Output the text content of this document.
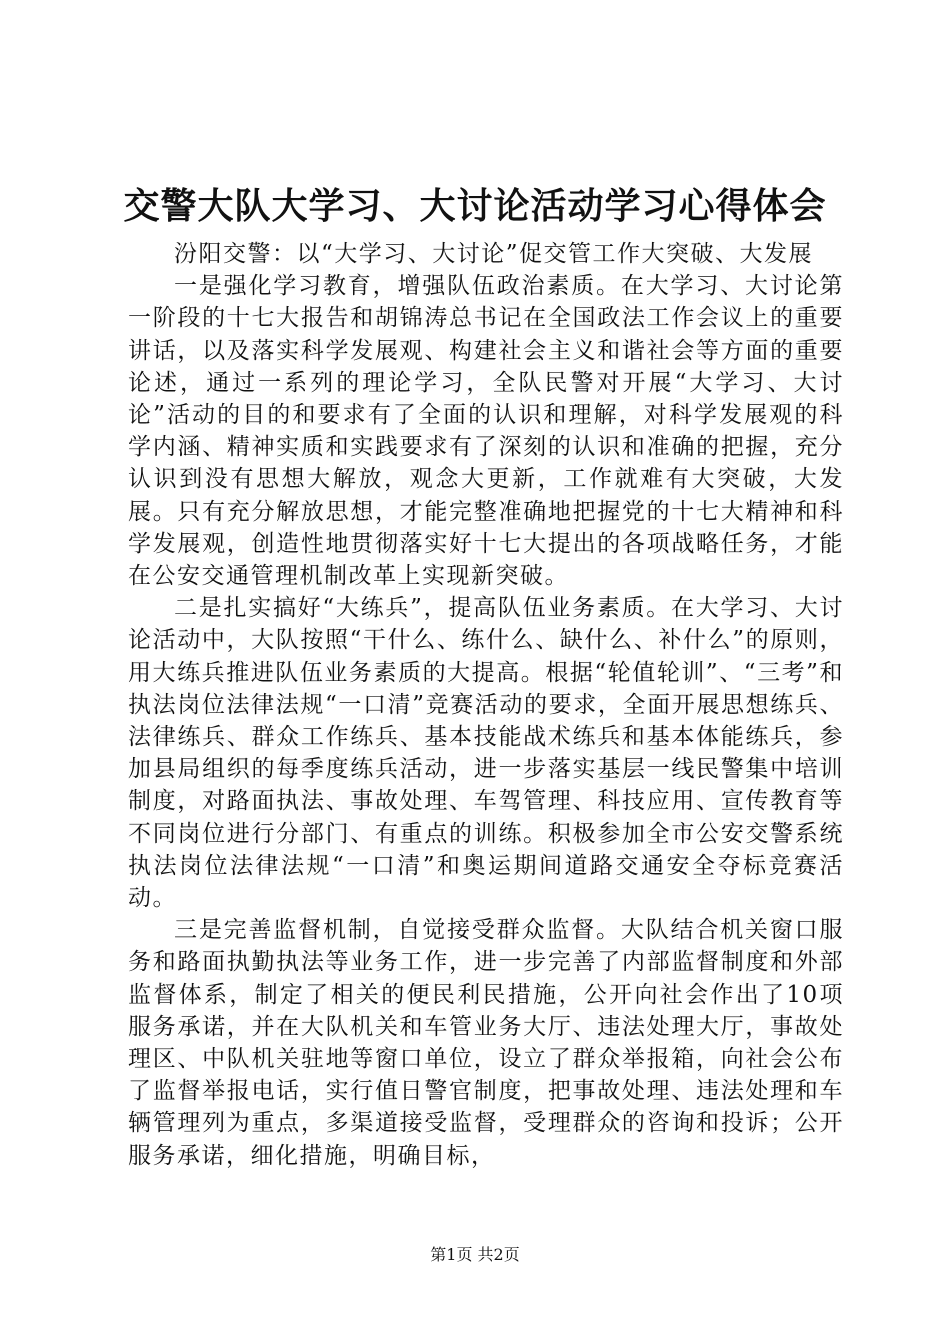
交警大队大学习、大讨论活动学习心得体会

汾阳交警：以“大学习、大讨论”促交管工作大突破、大发展

一是强化学习教育，增强队伍政治素质。在大学习、大讨论第一阶段的十七大报告和胡锦涛总书记在全国政法工作会议上的重要讲话，以及落实科学发展观、构建社会主义和谐社会等方面的重要论述，通过一系列的理论学习，全队民警对开展“大学习、大讨论”活动的目的和要求有了全面的认识和理解，对科学发展观的科学内涵、精神实质和实践要求有了深刻的认识和准确的把握，充分认识到没有思想大解放，观念大更新，工作就难有大突破，大发展。只有充分解放思想，才能完整准确地把握党的十七大精神和科学发展观，创造性地贯彻落实好十七大提出的各项战略任务，才能在公安交通管理机制改革上实现新突破。

二是扎实搞好“大练兵”，提高队伍业务素质。在大学习、大讨论活动中，大队按照“干什么、练什么、缺什么、补什么”的原则，用大练兵推进队伍业务素质的大提高。根据“轮值轮训”、“三考”和执法岗位法律法规“一口清”竞赛活动的要求，全面开展思想练兵、法律练兵、群众工作练兵、基本技能战术练兵和基本体能练兵，参加县局组织的每季度练兵活动，进一步落实基层一线民警集中培训制度，对路面执法、事故处理、车驾管理、科技应用、宣传教育等不同岗位进行分部门、有重点的训练。积极参加全市公安交警系统执法岗位法律法规“一口清”和奥运期间道路交通安全夺标竞赛活动。

三是完善监督机制，自觉接受群众监督。大队结合机关窗口服务和路面执勤执法等业务工作，进一步完善了内部监督制度和外部监督体系，制定了相关的便民利民措施，公开向社会作出了10项服务承诺，并在大队机关和车管业务大厅、违法处理大厅，事故处理区、中队机关驻地等窗口单位，设立了群众举报箱，向社会公布了监督举报电话，实行值日警官制度，把事故处理、违法处理和车辆管理列为重点，多渠道接受监督，受理群众的咨询和投诉；公开服务承诺，细化措施，明确目标，

第1页 共2页
